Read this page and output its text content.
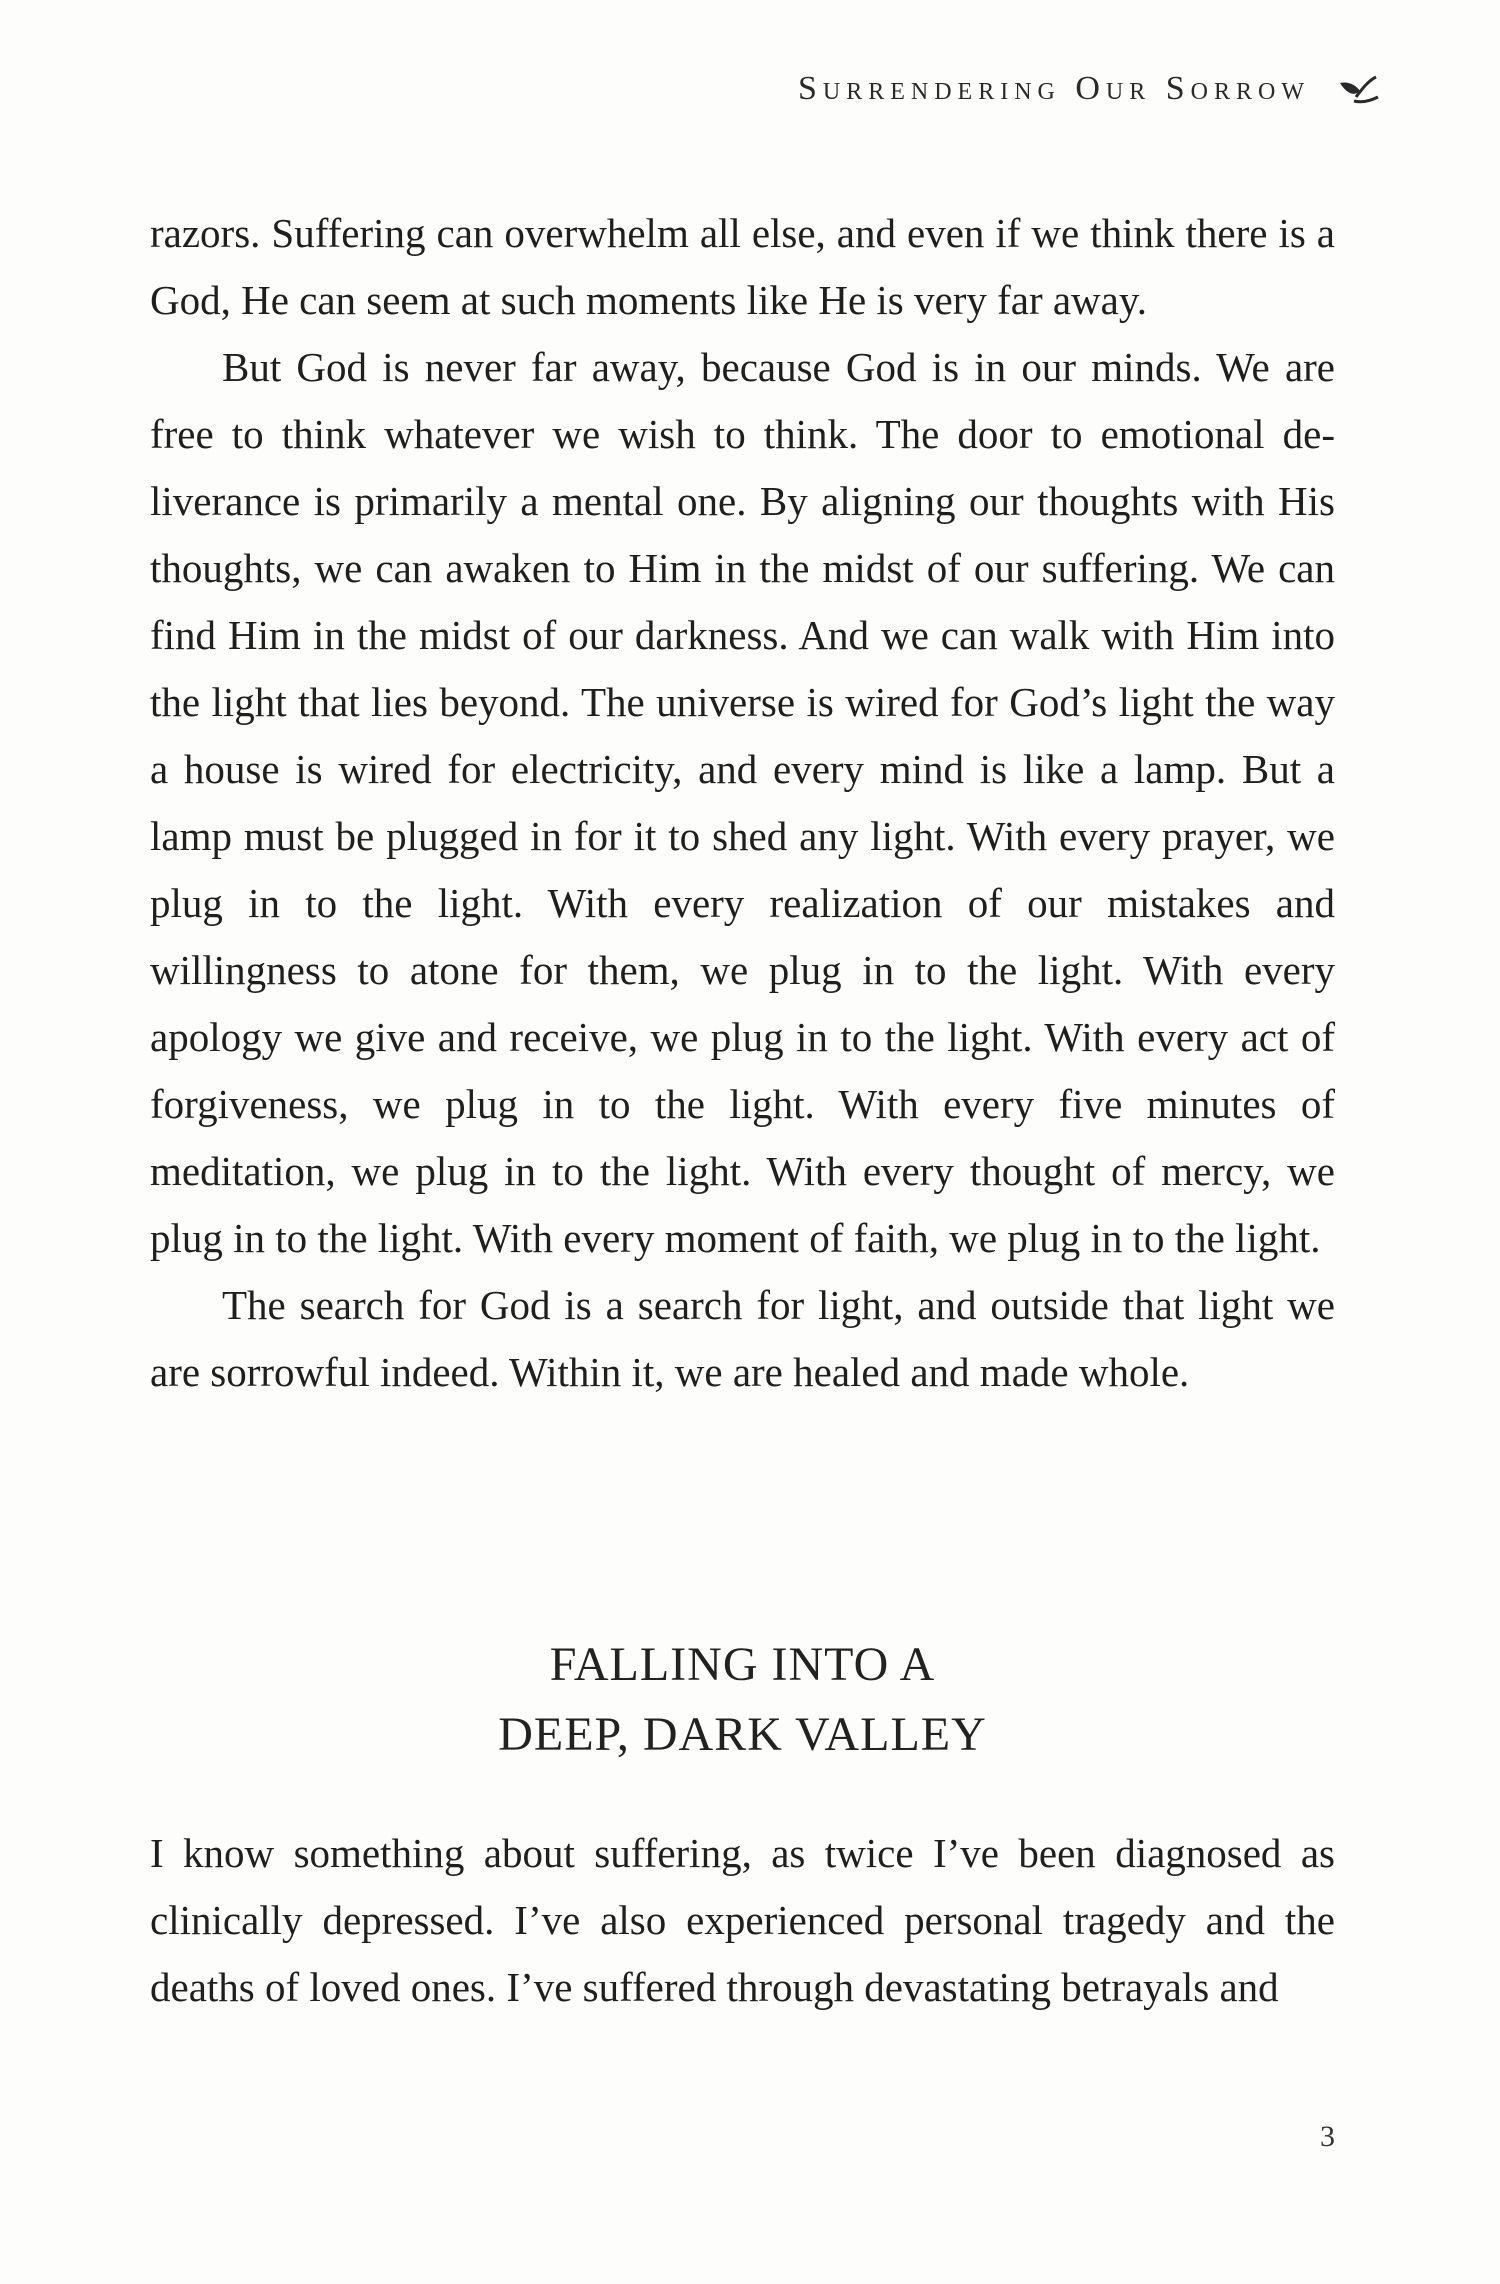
Surrendering Our Sorrow

razors. Suffering can overwhelm all else, and even if we think there is a God, He can seem at such moments like He is very far away.

But God is never far away, because God is in our minds. We are free to think whatever we wish to think. The door to emotional deliverance is primarily a mental one. By aligning our thoughts with His thoughts, we can awaken to Him in the midst of our suffering. We can find Him in the midst of our darkness. And we can walk with Him into the light that lies beyond. The universe is wired for God’s light the way a house is wired for electricity, and every mind is like a lamp. But a lamp must be plugged in for it to shed any light. With every prayer, we plug in to the light. With every realization of our mistakes and willingness to atone for them, we plug in to the light. With every apology we give and receive, we plug in to the light. With every act of forgiveness, we plug in to the light. With every five minutes of meditation, we plug in to the light. With every thought of mercy, we plug in to the light. With every moment of faith, we plug in to the light.

The search for God is a search for light, and outside that light we are sorrowful indeed. Within it, we are healed and made whole.

FALLING INTO A
DEEP, DARK VALLEY

I know something about suffering, as twice I’ve been diagnosed as clinically depressed. I’ve also experienced personal tragedy and the deaths of loved ones. I’ve suffered through devastating betrayals and

3
